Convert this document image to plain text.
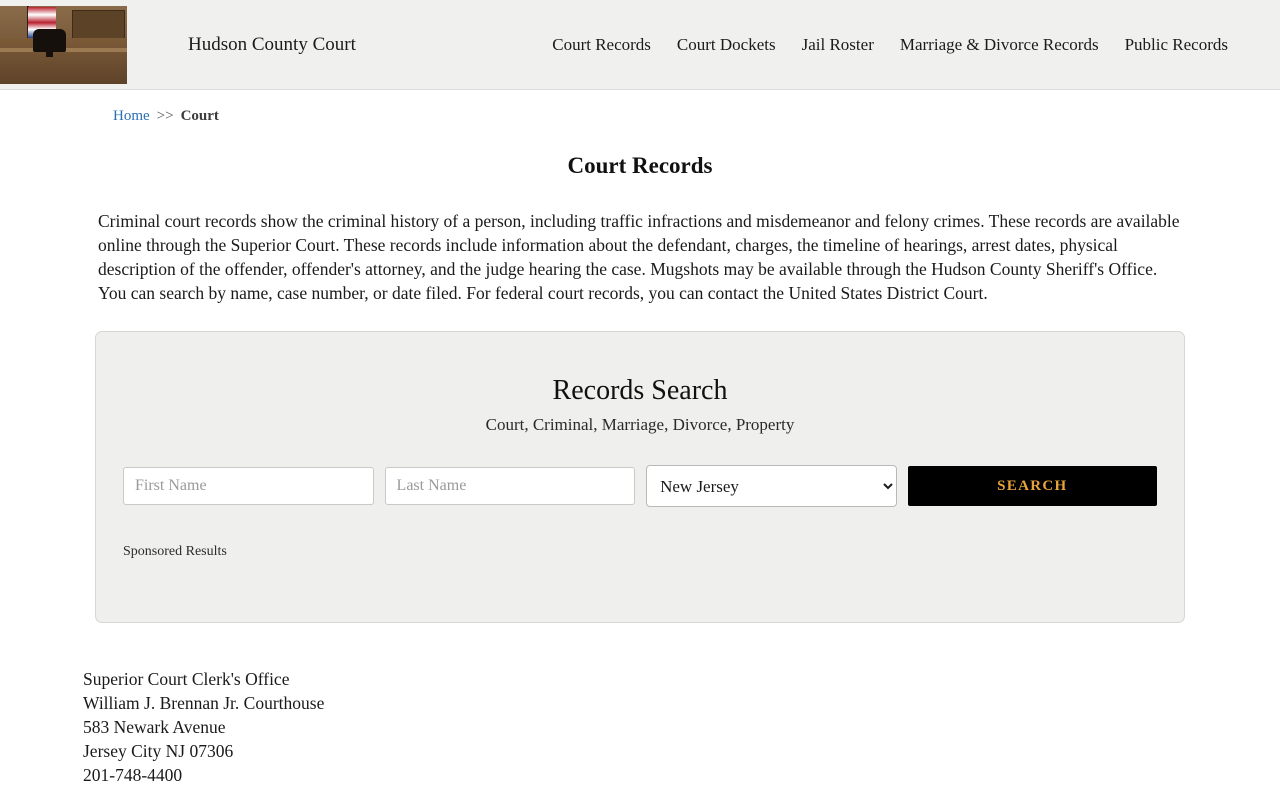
Hudson County Court	Court Records Court Dockets Jail Roster Marriage & Divorce Records Public Records
Home >> Court
Court Records

Criminal court records show the criminal history of a person, including traffic infractions and misdemeanor and felony crimes. These records are available online through the Superior Court. These records include information about the defendant, charges, the timeline of hearings, arrest dates, physical description of the offender, offender's attorney, and the judge hearing the case. Mugshots may be available through the Hudson County Sheriff's Office. You can search by name, case number, or date filed. For federal court records, you can contact the United States District Court.

Records Search
Court, Criminal, Marriage, Divorce, Property
First Name
Last Name
New Jersey
SEARCH
Sponsored Results
Superior Court Clerk's Office
William J. Brennan Jr. Courthouse
583 Newark Avenue
Jersey City NJ 07306
201-748-4400
